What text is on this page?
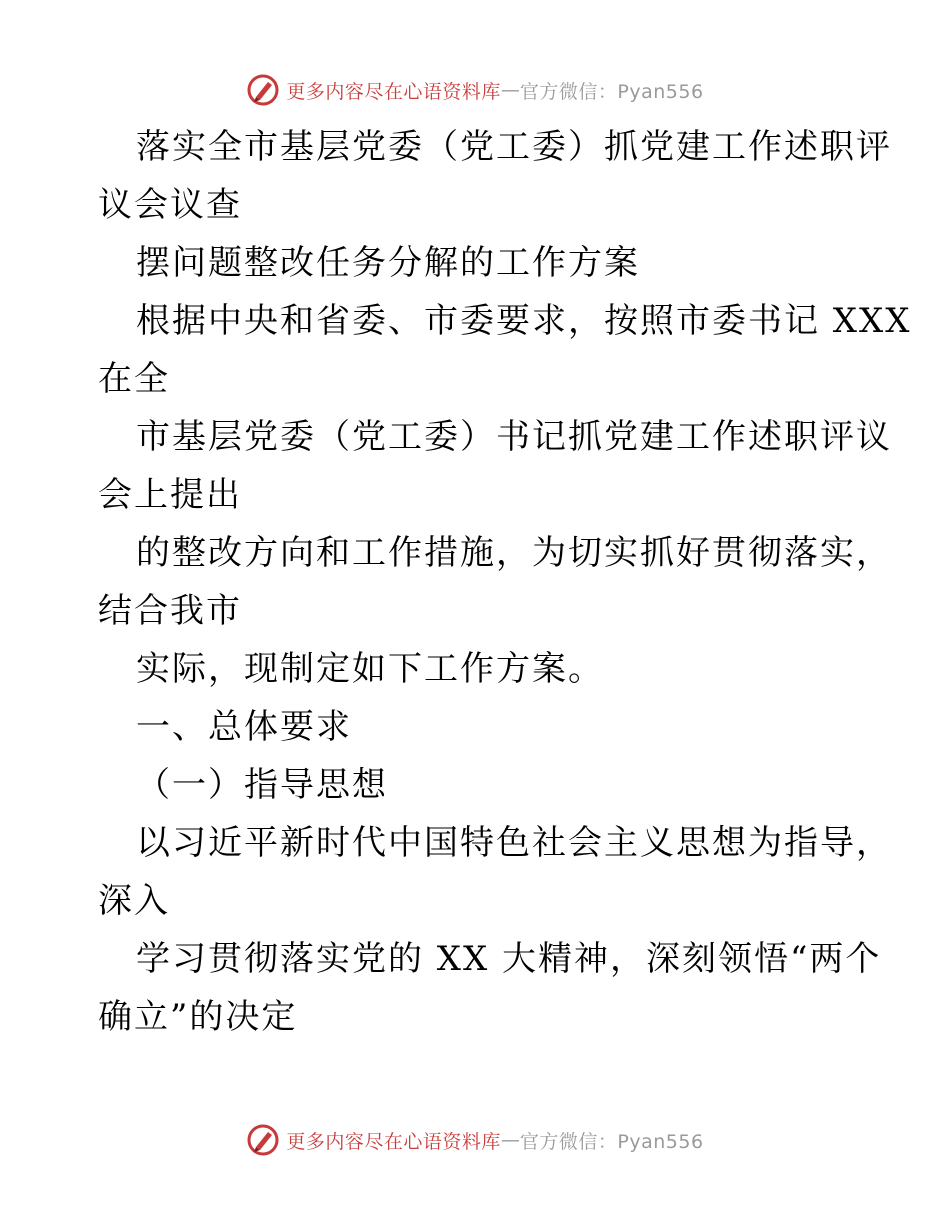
更多内容尽在心语资料库 — 官方微信：Pyan556
落实全市基层党委（党工委）抓党建工作述职评
议会议查
摆问题整改任务分解的工作方案
根据中央和省委、市委要求，按照市委书记 XXX
在全
市基层党委（党工委）书记抓党建工作述职评议
会上提出
的整改方向和工作措施，为切实抓好贯彻落实，
结合我市
实际，现制定如下工作方案。
一、总体要求
（一）指导思想
以习近平新时代中国特色社会主义思想为指导，
深入
学习贯彻落实党的 XX 大精神，深刻领悟“两个
确立”的决定
更多内容尽在心语资料库 — 官方微信：Pyan556
